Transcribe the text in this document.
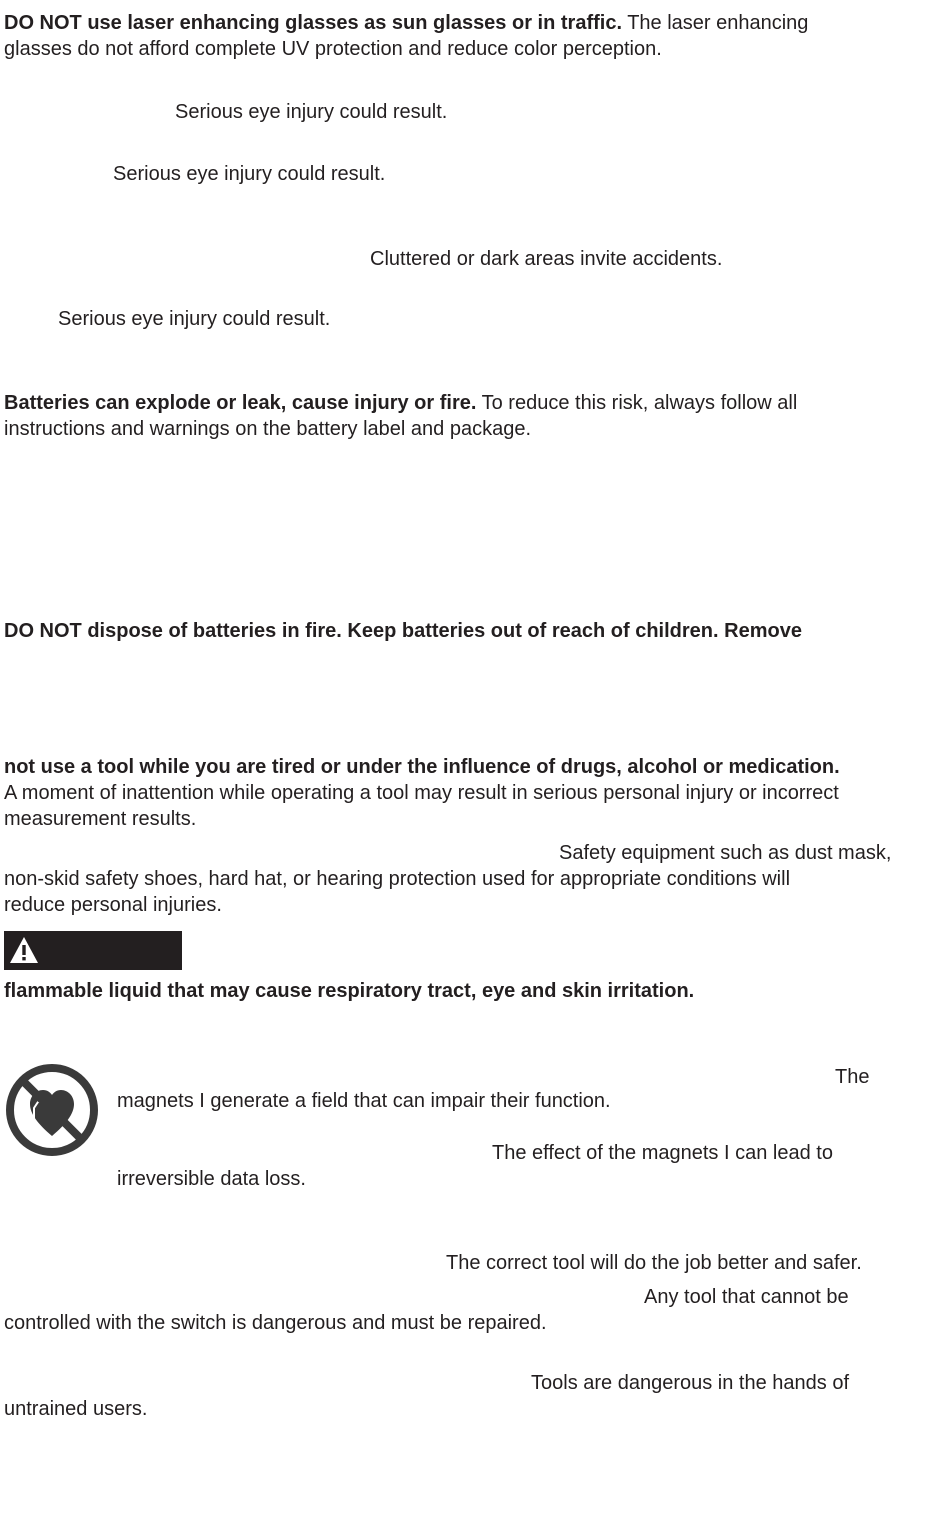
DO NOT use laser enhancing glasses as sun glasses or in traffic. The laser enhancing
glasses do not afford complete UV protection and reduce color perception.
Serious eye injury could result.
Serious eye injury could result.
Cluttered or dark areas invite accidents.
Serious eye injury could result.
Batteries can explode or leak, cause injury or fire. To reduce this risk, always follow all
instructions and warnings on the battery label and package.
DO NOT dispose of batteries in fire. Keep batteries out of reach of children. Remove
not use a tool while you are tired or under the influence of drugs, alcohol or medication.
A moment of inattention while operating a tool may result in serious personal injury or incorrect
measurement results.
Safety equipment such as dust mask,
non-skid safety shoes, hard hat, or hearing protection used for appropriate conditions will
reduce personal injuries.
flammable liquid that may cause respiratory tract, eye and skin irritation.
The
magnets I generate a field that can impair their function.
The effect of the magnets I can lead to
irreversible data loss.
The correct tool will do the job better and safer.
Any tool that cannot be
controlled with the switch is dangerous and must be repaired.
Tools are dangerous in the hands of
untrained users.
